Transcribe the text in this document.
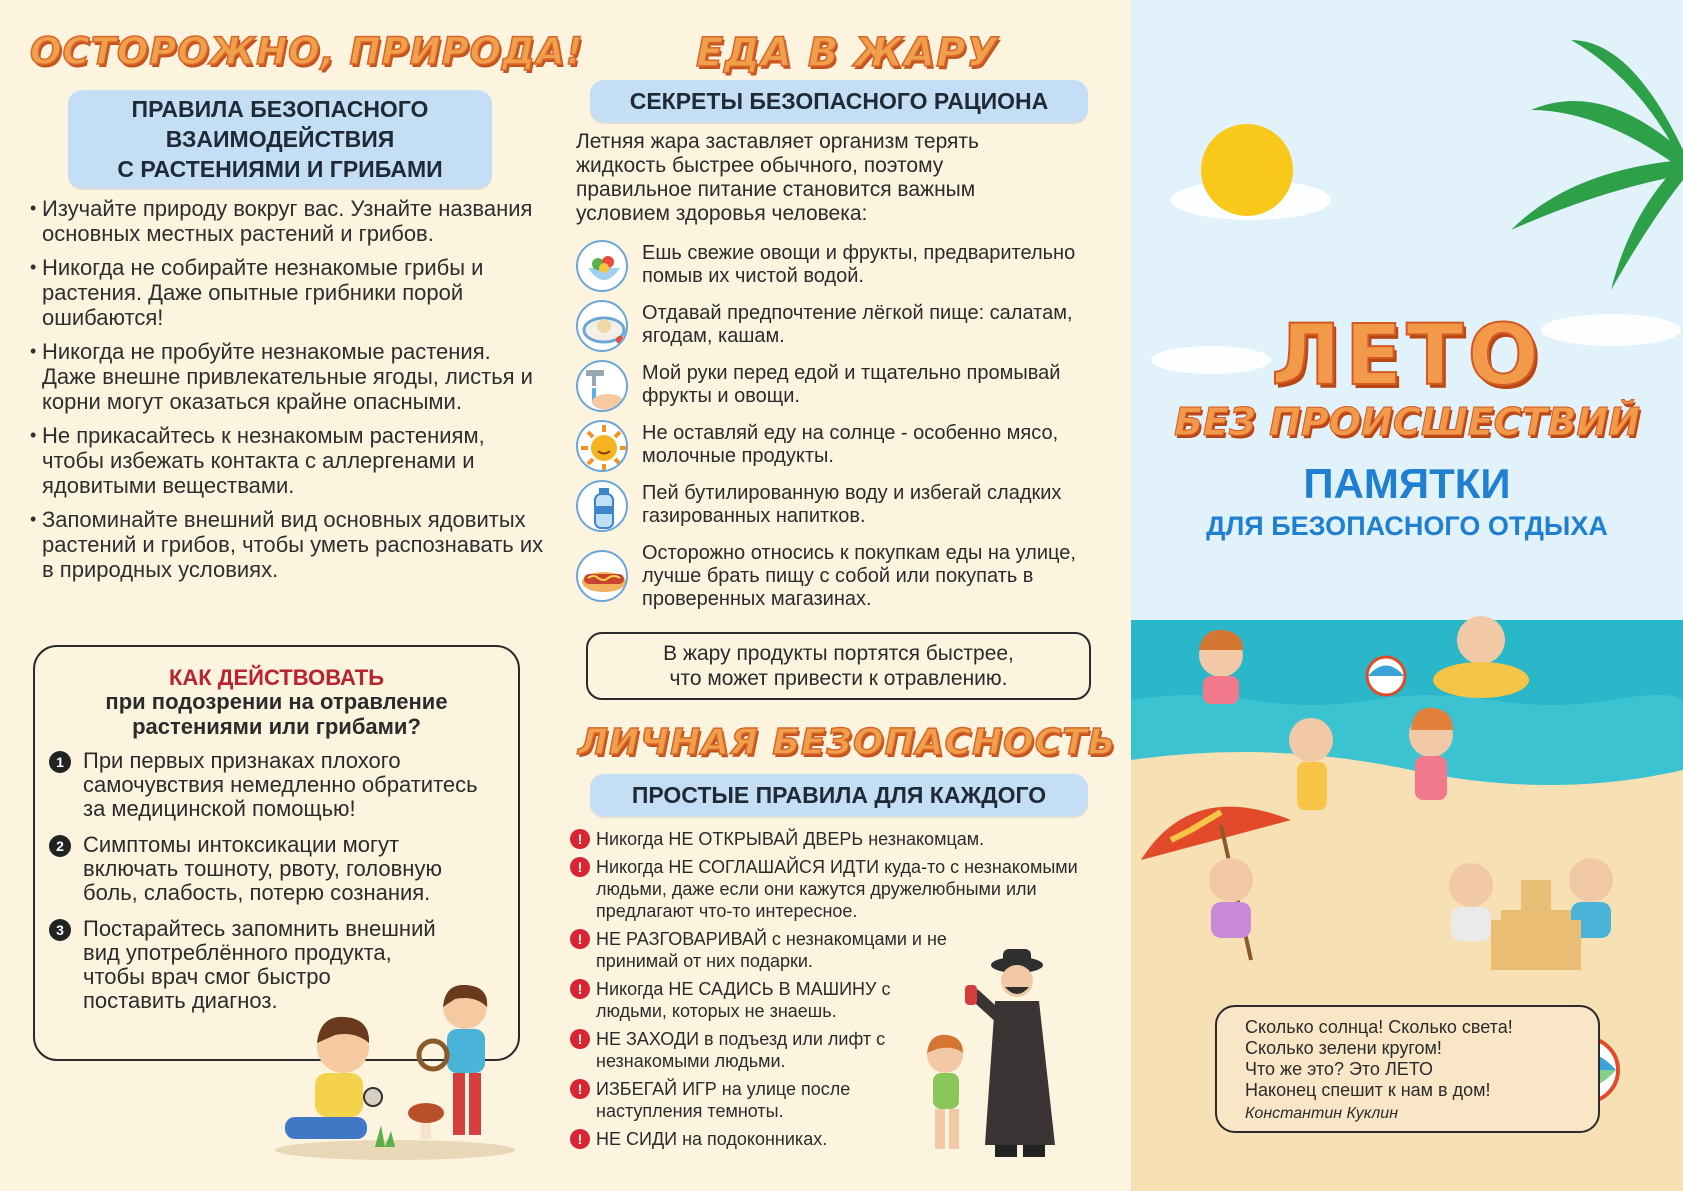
ОСТОРОЖНО, ПРИРОДА!
ПРАВИЛА БЕЗОПАСНОГО
ВЗАИМОДЕЙСТВИЯ
С РАСТЕНИЯМИ И ГРИБАМИ
• Изучайте природу вокруг вас. Узнайте названия основных местных растений и грибов.
• Никогда не собирайте незнакомые грибы и растения. Даже опытные грибники порой ошибаются!
• Никогда не пробуйте незнакомые растения. Даже внешне привлекательные ягоды, листья и корни могут оказаться крайне опасными.
• Не прикасайтесь к незнакомым растениям, чтобы избежать контакта с аллергенами и ядовитыми веществами.
• Запоминайте внешний вид основных ядовитых растений и грибов, чтобы уметь распознавать их в природных условиях.
КАК ДЕЙСТВОВАТЬ
при подозрении на отравление
растениями или грибами?
1 При первых признаках плохого самочувствия немедленно обратитесь за медицинской помощью!
2 Симптомы интоксикации могут включать тошноту, рвоту, головную боль, слабость, потерю сознания.
3 Постарайтесь запомнить внешний вид употреблённого продукта, чтобы врач смог быстро поставить диагноз.
ЕДА В ЖАРУ
СЕКРЕТЫ БЕЗОПАСНОГО РАЦИОНА
Летняя жара заставляет организм терять жидкость быстрее обычного, поэтому правильное питание становится важным условием здоровья человека:
Ешь свежие овощи и фрукты, предварительно помыв их чистой водой.
Отдавай предпочтение лёгкой пище: салатам, ягодам, кашам.
Мой руки перед едой и тщательно промывай фрукты и овощи.
Не оставляй еду на солнце - особенно мясо, молочные продукты.
Пей бутилированную воду и избегай сладких газированных напитков.
Осторожно относись к покупкам еды на улице, лучше брать пищу с собой или покупать в проверенных магазинах.
В жару продукты портятся быстрее,
что может привести к отравлению.
ЛИЧНАЯ БЕЗОПАСНОСТЬ
ПРОСТЫЕ ПРАВИЛА ДЛЯ КАЖДОГО
! Никогда НЕ ОТКРЫВАЙ ДВЕРЬ незнакомцам.
! Никогда НЕ СОГЛАШАЙСЯ ИДТИ куда-то с незнакомыми людьми, даже если они кажутся дружелюбными или предлагают что-то интересное.
! НЕ РАЗГОВАРИВАЙ с незнакомцами и не принимай от них подарки.
! Никогда НЕ САДИСЬ В МАШИНУ с людьми, которых не знаешь.
! НЕ ЗАХОДИ в подъезд или лифт с незнакомыми людьми.
! ИЗБЕГАЙ ИГР на улице после наступления темноты.
! НЕ СИДИ на подоконниках.
ЛЕТО
БЕЗ ПРОИСШЕСТВИЙ
ПАМЯТКИ
ДЛЯ БЕЗОПАСНОГО ОТДЫХА
Сколько солнца! Сколько света!
Сколько зелени кругом!
Что же это? Это ЛЕТО
Наконец спешит к нам в дом!
Константин Куклин
